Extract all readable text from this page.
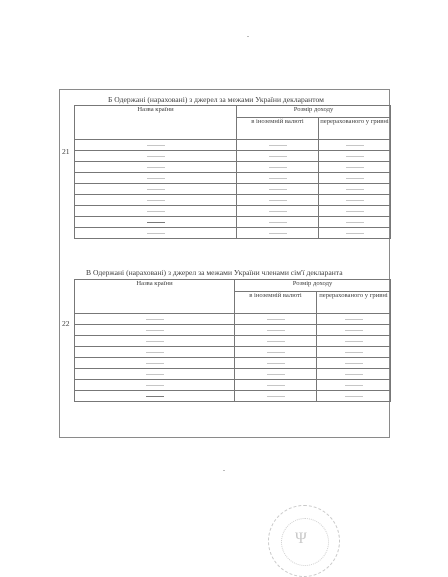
Б Одержані (нараховані) з джерел за межами України декларантом
21
Назва країни	Розмір доходу	
	в іноземній валюті	перерахованого у гривні

В Одержані (нараховані) з джерел за межами України членами сім'ї декларанта
22
Назва країни	Розмір доходу	
	в іноземній валюті	перерахованого у гривні

Ψ
